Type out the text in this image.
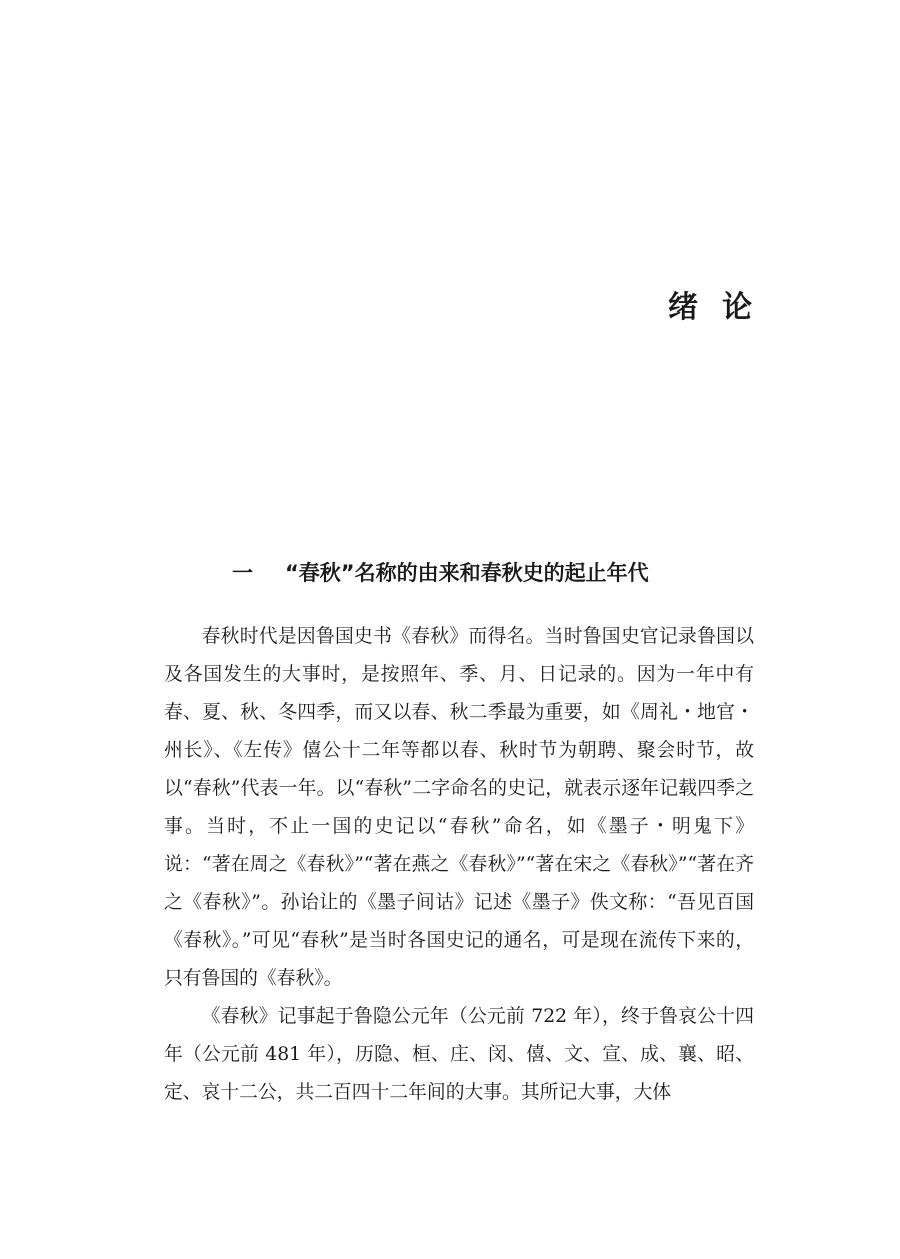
绪论
一 “春秋”名称的由来和春秋史的起止年代

春秋时代是因鲁国史书《春秋》而得名。当时鲁国史官记录鲁国以及各国发生的大事时，是按照年、季、月、日记录的。因为一年中有春、夏、秋、冬四季，而又以春、秋二季最为重要，如《周礼・地官・州长》、《左传》僖公十二年等都以春、秋时节为朝聘、聚会时节，故以“春秋”代表一年。以“春秋”二字命名的史记，就表示逐年记载四季之事。当时，不止一国的史记以“春秋”命名，如《墨子・明鬼下》说：“著在周之《春秋》”“著在燕之《春秋》”“著在宋之《春秋》”“著在齐之《春秋》”。孙诒让的《墨子间诂》记述《墨子》佚文称：“吾见百国《春秋》。”可见“春秋”是当时各国史记的通名，可是现在流传下来的，只有鲁国的《春秋》。

《春秋》记事起于鲁隐公元年（公元前 722 年），终于鲁哀公十四年（公元前 481 年），历隐、桓、庄、闵、僖、文、宣、成、襄、昭、定、哀十二公，共二百四十二年间的大事。其所记大事，大体
